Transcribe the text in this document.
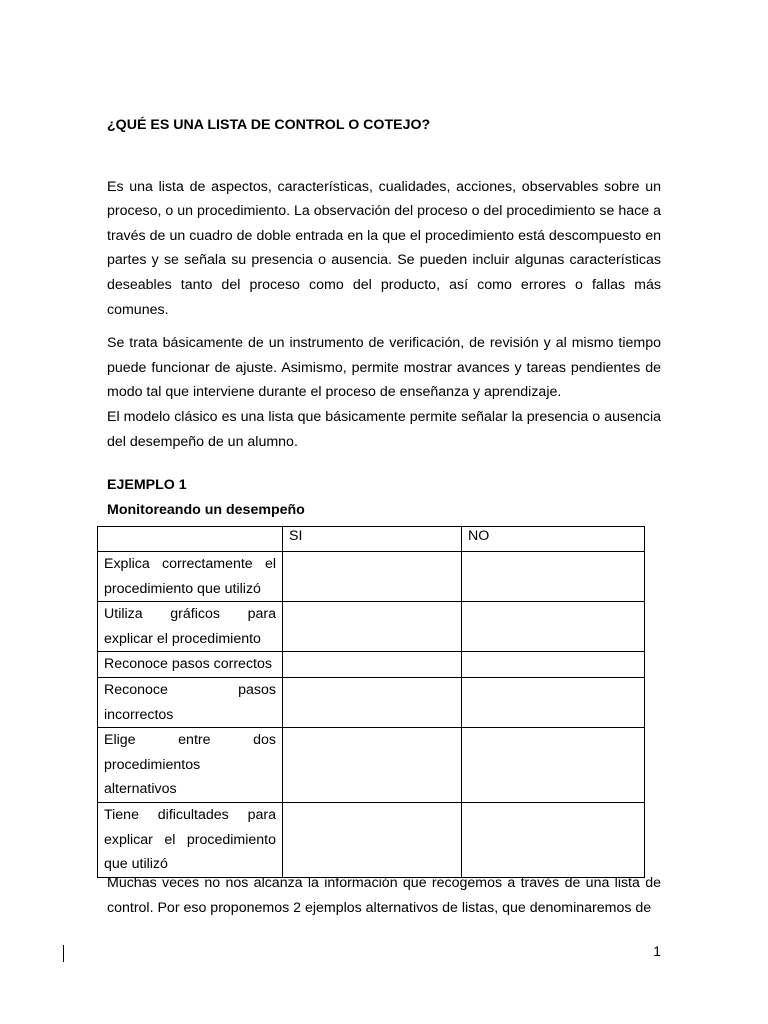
¿QUÉ ES UNA LISTA DE CONTROL O COTEJO?

Es una lista de aspectos, características, cualidades, acciones, observables sobre un proceso, o un procedimiento. La observación del proceso o del procedimiento se hace a través de un cuadro de doble entrada en la que el procedimiento está descompuesto en partes y se señala su presencia o ausencia. Se pueden incluir algunas características deseables tanto del proceso como del producto, así como errores o fallas más comunes.

Se trata básicamente de un instrumento de verificación, de revisión y al mismo tiempo puede funcionar de ajuste. Asimismo, permite mostrar avances y tareas pendientes de modo tal que interviene durante el proceso de enseñanza y aprendizaje.

El modelo clásico es una lista que básicamente permite señalar la presencia o ausencia del desempeño de un alumno.

EJEMPLO 1

Monitoreando un desempeño

	SI	NO
Explica correctamente el procedimiento que utilizó		
Utiliza gráficos para explicar el procedimiento		
Reconoce pasos correctos		
Reconoce pasos incorrectos		
Elige entre dos procedimientos alternativos		
Tiene dificultades para explicar el procedimiento que utilizó		

Muchas veces no nos alcanza la información que recogemos a través de una lista de control. Por eso proponemos 2 ejemplos alternativos de listas, que denominaremos de

1
